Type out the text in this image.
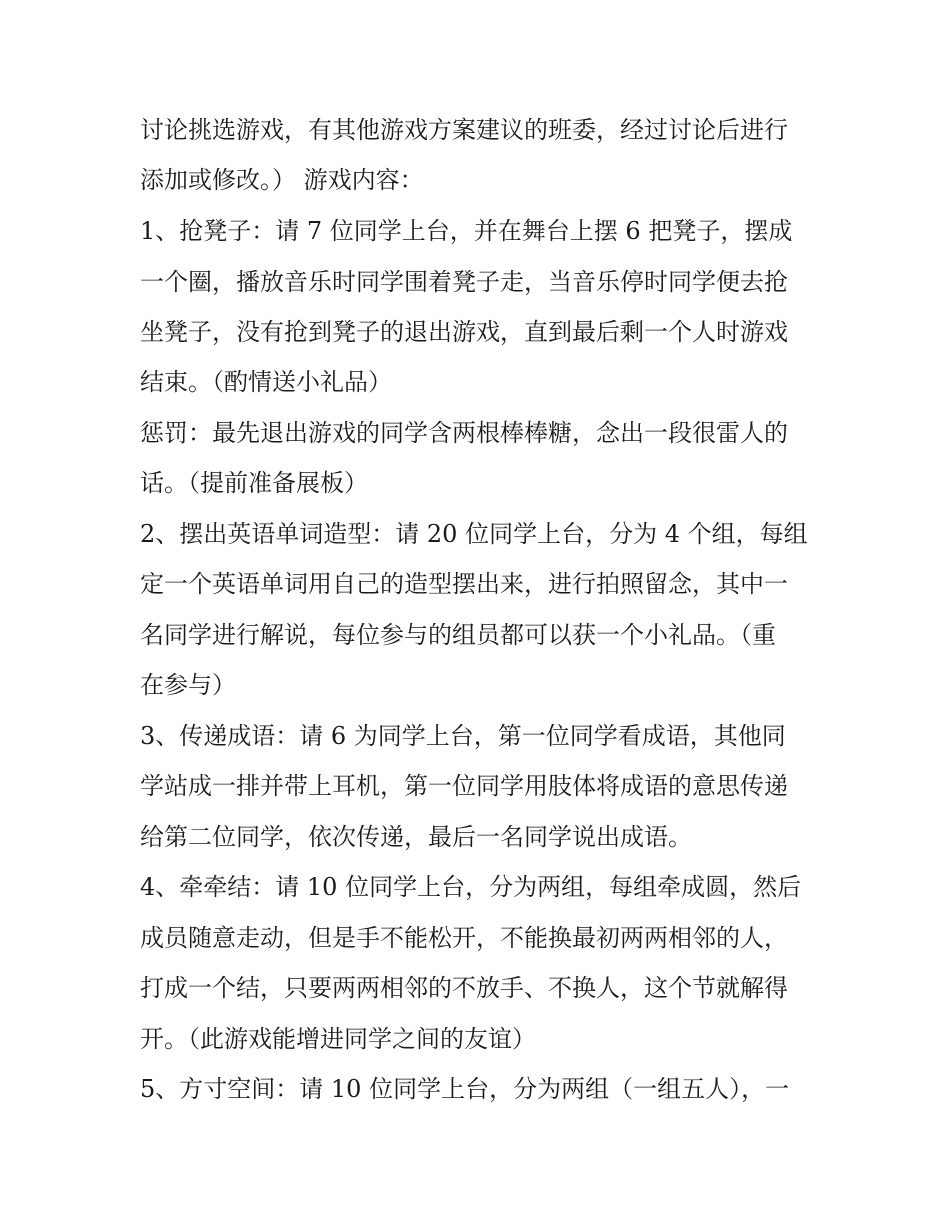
讨论挑选游戏，有其他游戏方案建议的班委，经过讨论后进行
添加或修改。） 游戏内容：
1、抢凳子：请 7 位同学上台，并在舞台上摆 6 把凳子，摆成
一个圈，播放音乐时同学围着凳子走，当音乐停时同学便去抢
坐凳子，没有抢到凳子的退出游戏，直到最后剩一个人时游戏
结束。（酌情送小礼品）
惩罚：最先退出游戏的同学含两根棒棒糖，念出一段很雷人的
话。（提前准备展板）
2、摆出英语单词造型：请 20 位同学上台，分为 4 个组，每组
定一个英语单词用自己的造型摆出来，进行拍照留念，其中一
名同学进行解说，每位参与的组员都可以获一个小礼品。（重
在参与）
3、传递成语：请 6 为同学上台，第一位同学看成语，其他同
学站成一排并带上耳机，第一位同学用肢体将成语的意思传递
给第二位同学，依次传递，最后一名同学说出成语。
4、牵牵结：请 10 位同学上台，分为两组，每组牵成圆，然后
成员随意走动，但是手不能松开，不能换最初两两相邻的人，
打成一个结，只要两两相邻的不放手、不换人，这个节就解得
开。（此游戏能增进同学之间的友谊）
5、方寸空间：请 10 位同学上台，分为两组（一组五人），一
